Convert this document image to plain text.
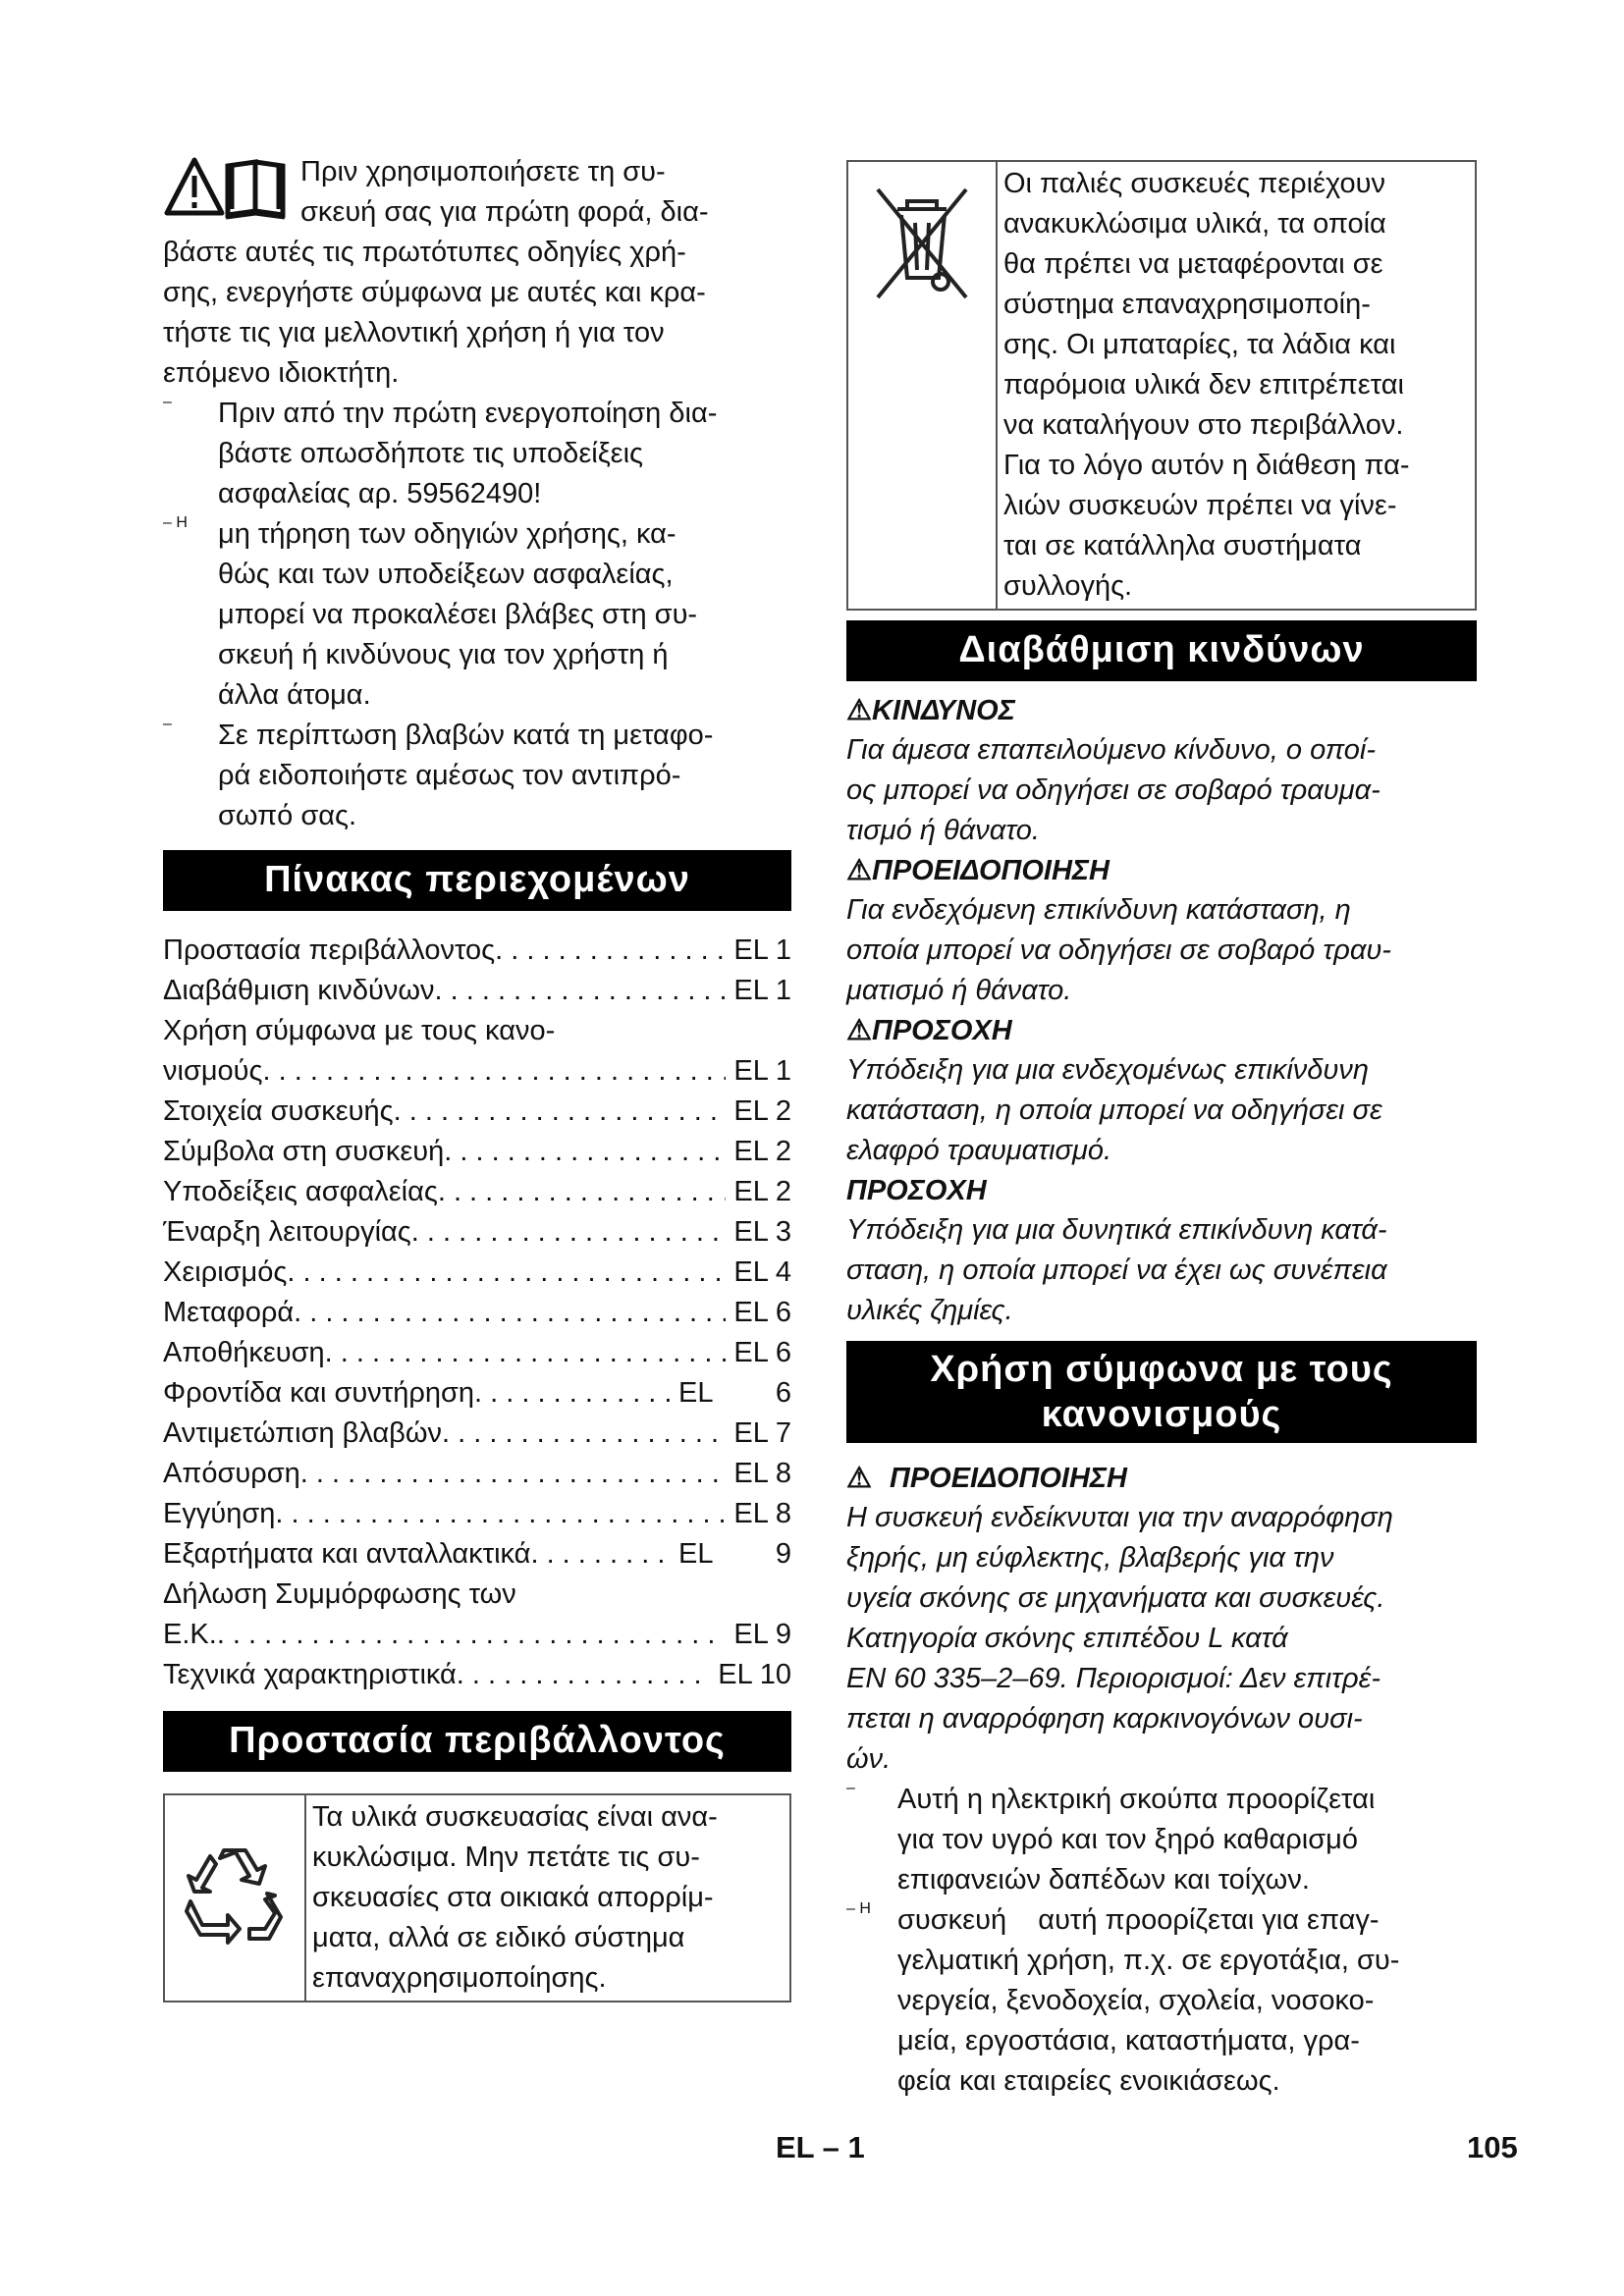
Πριν χρησιμοποιήσετε τη συ-

σκευή σας για πρώτη φορά, δια-

βάστε αυτές τις πρωτότυπες οδηγίες χρή-

σης, ενεργήστε σύμφωνα με αυτές και κρα-

τήστε τις για μελλοντική χρήση ή για τον

επόμενο ιδιοκτήτη.

–	Πριν από την πρώτη ενεργοποίηση δια-

βάστε οπωσδήποτε τις υποδείξεις

ασφαλείας αρ. 59562490!

– Η	μη τήρηση των οδηγιών χρήσης, κα-

θώς και των υποδείξεων ασφαλείας,

μπορεί να προκαλέσει βλάβες στη συ-

σκευή ή κινδύνους για τον χρήστη ή

άλλα άτομα.

–	Σε περίπτωση βλαβών κατά τη μεταφο-

ρά ειδοποιήστε αμέσως τον αντιπρό-

σωπό σας.

Πίνακας περιεχομένων
Προστασία περιβάλλοντος . . .	EL 1
Διαβάθμιση κινδύνων . . .	EL 1
Χρήση σύμφωνα με τους κανο-
νισμούς . . .	EL 1
Στοιχεία συσκευής . . .	EL 2
Σύμβολα στη συσκευή . . .	EL 2
Υποδείξεις ασφαλείας . . .	EL 2
Έναρξη λειτουργίας . . .	EL 3
Χειρισμός . . .	EL 4
Μεταφορά . . .	EL 6
Αποθήκευση . . .	EL 6
Φροντίδα και συντήρηση . . .	EL        6
Αντιμετώπιση βλαβών . . .	EL 7
Απόσυρση . . .	EL 8
Εγγύηση . . .	EL 8
Εξαρτήματα και ανταλλακτικά . . .	EL        9
Δήλωση Συμμόρφωσης των
Ε.Κ. . . .	EL 9
Τεχνικά χαρακτηριστικά . . .	EL 10
Προστασία περιβάλλοντος

Τα υλικά συσκευασίας είναι ανα-

κυκλώσιμα. Μην πετάτε τις συ-

σκευασίες στα οικιακά απορρίμ-

ματα, αλλά σε ειδικό σύστημα

επαναχρησιμοποίησης.

Οι παλιές συσκευές περιέχουν

ανακυκλώσιμα υλικά, τα οποία

θα πρέπει να μεταφέρονται σε

σύστημα επαναχρησιμοποίη-

σης. Οι μπαταρίες, τα λάδια και

παρόμοια υλικά δεν επιτρέπεται

να καταλήγουν στο περιβάλλον.

Για το λόγο αυτόν η διάθεση πα-

λιών συσκευών πρέπει να γίνε-

ται σε κατάλληλα συστήματα

συλλογής.

Διαβάθμιση κινδύνων
⚠ΚΙΝΔΥΝΟΣ

Για άμεσα επαπειλούμενο κίνδυνο, ο οποί-

ος μπορεί να οδηγήσει σε σοβαρό τραυμα-

τισμό ή θάνατο.

⚠ΠΡΟΕΙΔΟΠΟΙΗΣΗ

Για ενδεχόμενη επικίνδυνη κατάσταση, η

οποία μπορεί να οδηγήσει σε σοβαρό τραυ-

ματισμό ή θάνατο.

⚠ΠΡΟΣΟΧΗ

Υπόδειξη για μια ενδεχομένως επικίνδυνη

κατάσταση, η οποία μπορεί να οδηγήσει σε

ελαφρό τραυματισμό.

ΠΡΟΣΟΧΗ

Υπόδειξη για μια δυνητικά επικίνδυνη κατά-

σταση, η οποία μπορεί να έχει ως συνέπεια

υλικές ζημίες.

Χρήση σύμφωνα με τους
κανονισμούς
⚠ ΠΡΟΕΙΔΟΠΟΙΗΣΗ

Η συσκευή ενδείκνυται για την αναρρόφηση

ξηρής, μη εύφλεκτης, βλαβερής για την

υγεία σκόνης σε μηχανήματα και συσκευές.

Κατηγορία σκόνης επιπέδου L κατά

EN 60 335–2–69. Περιορισμοί: Δεν επιτρέ-

πεται η αναρρόφηση καρκινογόνων ουσι-

ών.

–	Αυτή η ηλεκτρική σκούπα προορίζεται

για τον υγρό και τον ξηρό καθαρισμό

επιφανειών δαπέδων και τοίχων.

– Η συσκευή    αυτή προορίζεται για επαγ-

γελματική χρήση, π.χ. σε εργοτάξια, συ-

νεργεία, ξενοδοχεία, σχολεία, νοσοκο-

μεία, εργοστάσια, καταστήματα, γρα-

φεία και εταιρείες ενοικιάσεως.

EL – 1	105
